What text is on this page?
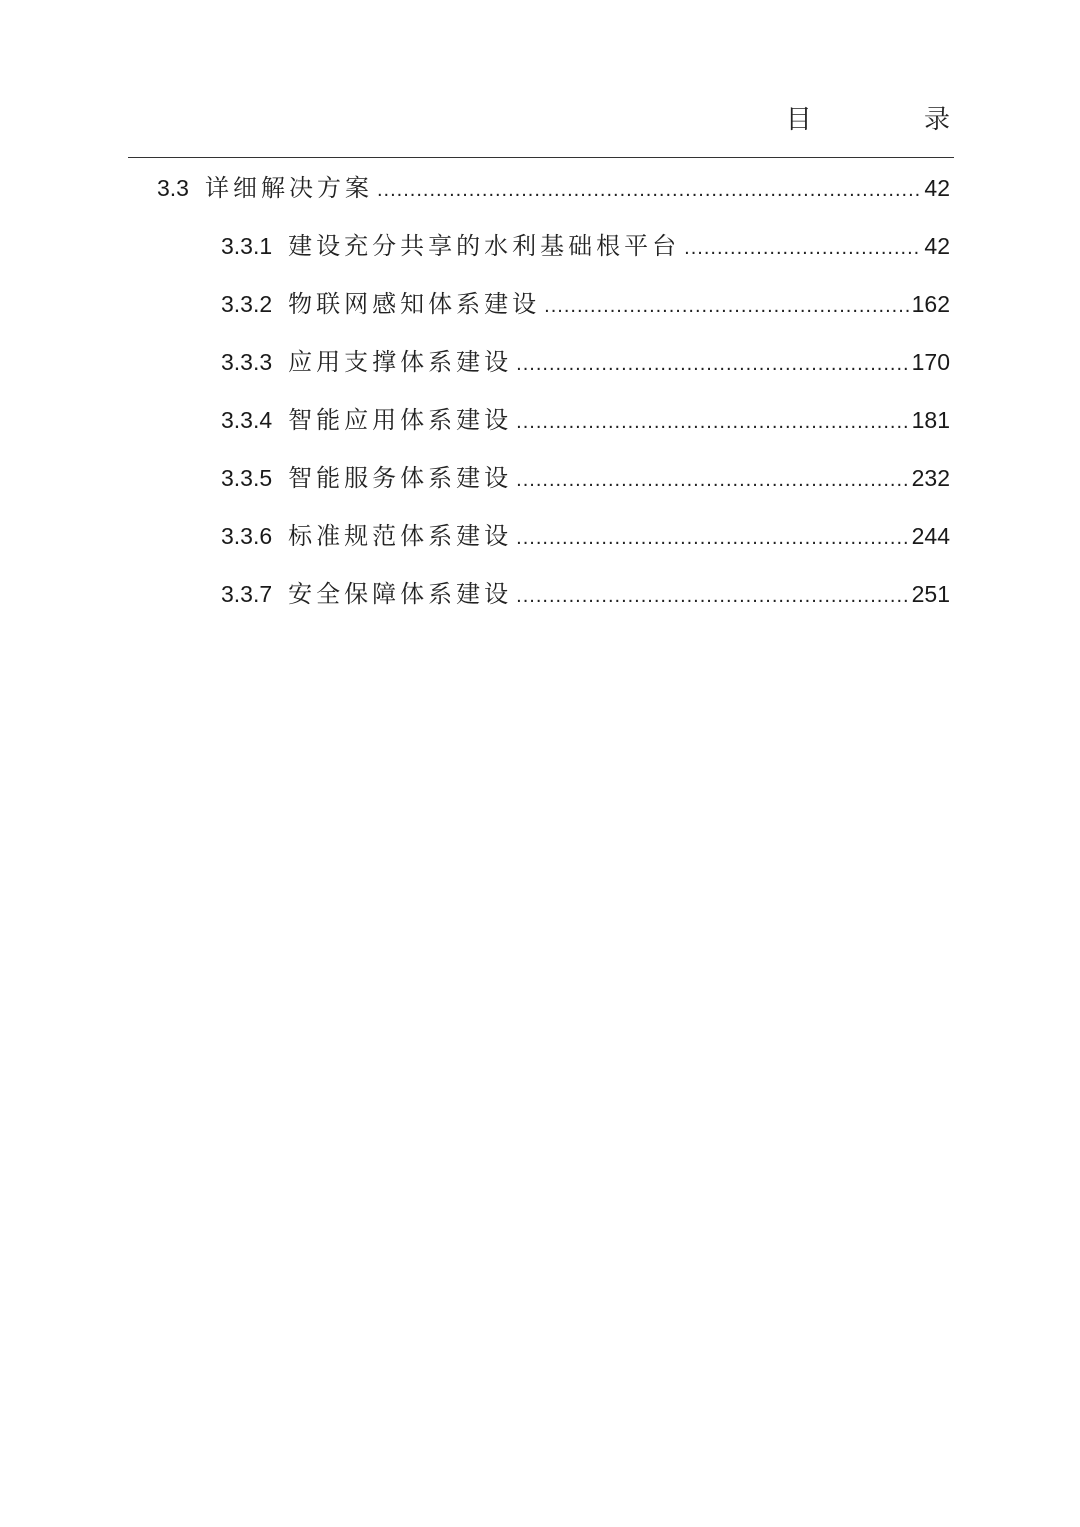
目 录
3.3 详细解决方案 .....	42
3.3.1 建设充分共享的水利基础根平台 .....	42
3.3.2 物联网感知体系建设 .....	162
3.3.3 应用支撑体系建设 .....	170
3.3.4 智能应用体系建设 .....	181
3.3.5 智能服务体系建设 .....	232
3.3.6 标准规范体系建设 .....	244
3.3.7 安全保障体系建设 .....	251
